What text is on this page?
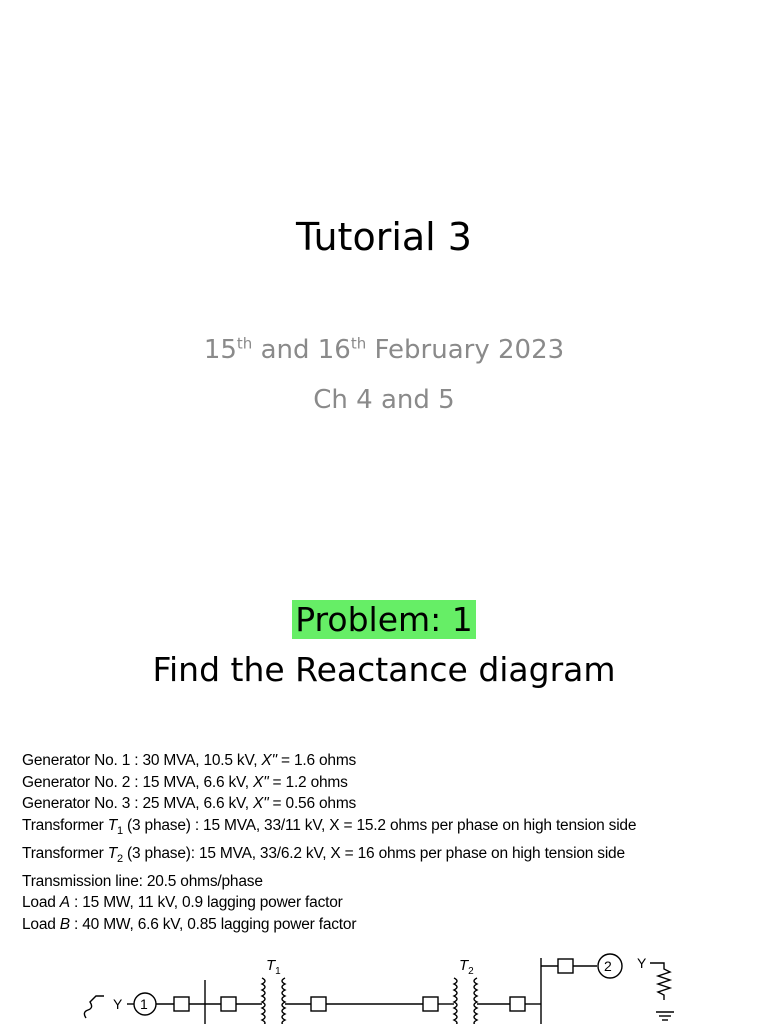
Tutorial 3
15th and 16th February 2023
Ch 4 and 5
Problem: 1
Find the Reactance diagram
Generator No. 1 : 30 MVA, 10.5 kV, X" = 1.6 ohms
Generator No. 2 : 15 MVA, 6.6 kV, X" = 1.2 ohms
Generator No. 3 : 25 MVA, 6.6 kV, X" = 0.56 ohms
Transformer $T_1$ (3 phase) : 15 MVA, 33/11 kV, X = 15.2 ohms per phase on high tension side
Transformer $T_2$ (3 phase): 15 MVA, 33/6.2 kV, X = 16 ohms per phase on high tension side
Transmission line: 20.5 ohms/phase
Load A : 15 MW, 11 kV, 0.9 lagging power factor
Load B : 40 MW, 6.6 kV, 0.85 lagging power factor
Y 1
2 Y
$T_1$	$T_2$
